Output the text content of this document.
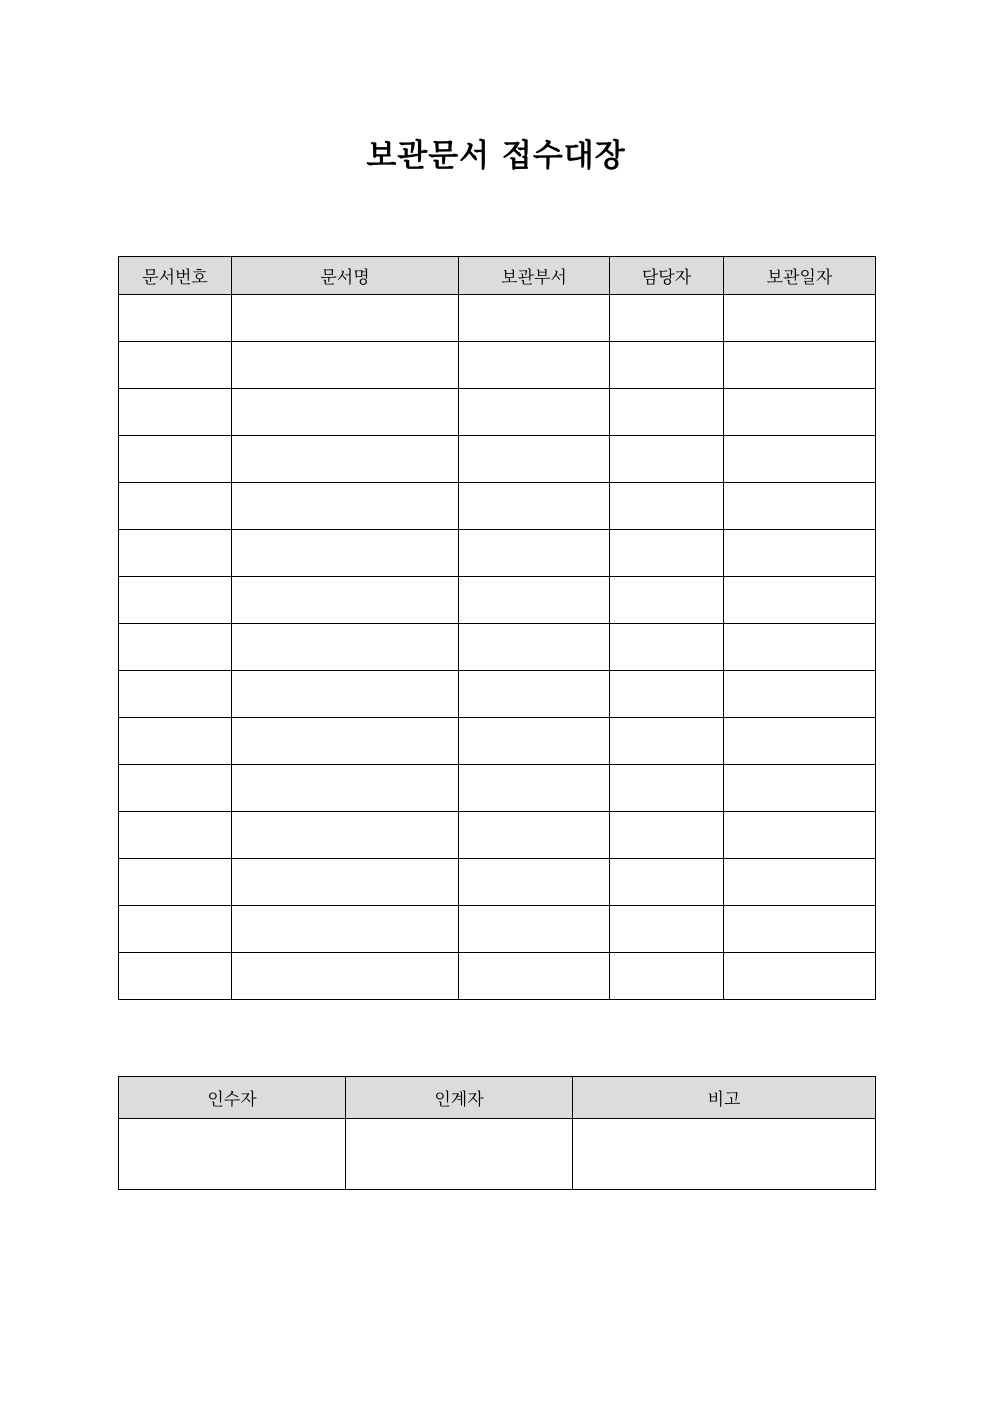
보관문서 접수대장
문서번호	문서명	보관부서	담당자	보관일자

인수자	인계자	비고
